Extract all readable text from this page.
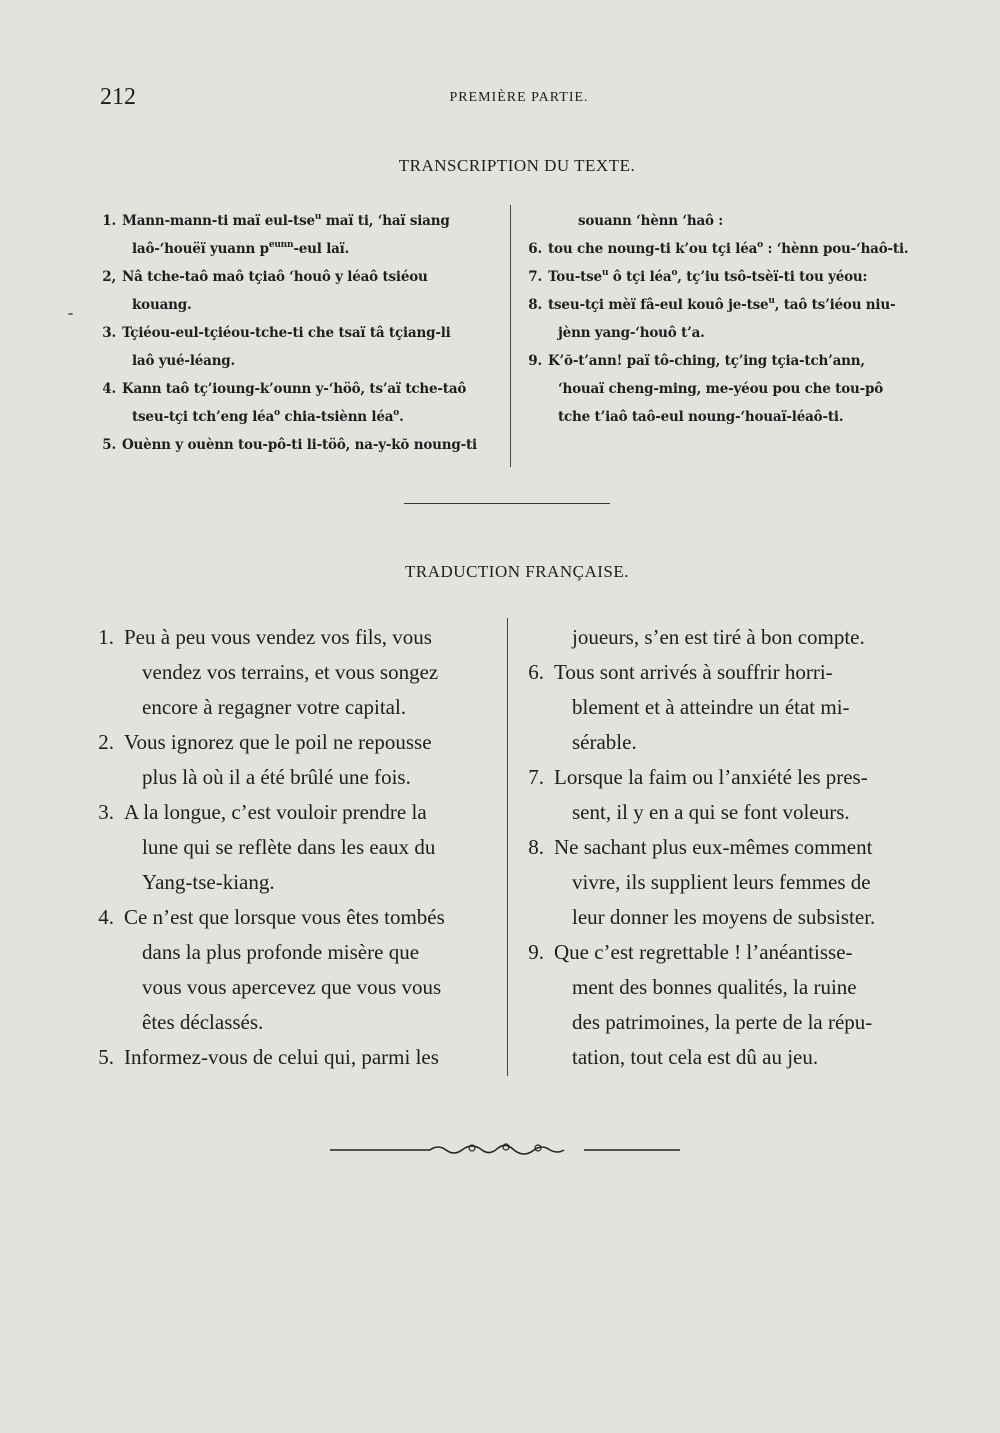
212	PREMIÈRE PARTIE.
TRANSCRIPTION DU TEXTE.
1. Mann-mann-ti maï eul-tse$^u$ maï ti, ‘haï siang
laô-‘houëï yuann $p^{eunn}$-eul laï.
2, Nâ tche-taô maô tçiaô ‘houô y léaô tsiéou
kouang.
3. Tçiéou-eul-tçiéou-tche-ti che tsaï tâ tçiang-li
laô yué-léang.
4. Kann taô tç’ioung-k’ounn y-‘höô, ts’aï tche-taô
tseu-tçi tch’eng léa$^o$ chia-tsiènn léa$^o$.
5. Ouènn y ouènn tou-pô-ti li-töô, na-y-kŏ noung-ti
souann ‘hènn ‘haô :
6. tou che noung-ti k’ou tçi léa$^o$ : ‘hènn pou-‘haô-ti.
7. Tou-tse$^u$ ô tçi léa$^o$, tç’iu tsô-tsèï-ti tou yéou:
8. tseu-tçi mèï fâ-eul kouô je-tse$^u$, taô ts’iéou niu-
jènn yang-‘houô t’a.
9. K’ŏ-t’ann! paï tô-ching, tç’ing tçia-tch’ann,
‘houaï cheng-ming, me-yéou pou che tou-pô
tche t’iaô taô-eul noung-‘houaï-léaô-ti.
TRADUCTION FRANÇAISE.
1. Peu à peu vous vendez vos fils, vous
vendez vos terrains, et vous songez
encore à regagner votre capital.
2. Vous ignorez que le poil ne repousse
plus là où il a été brûlé une fois.
3. A la longue, c’est vouloir prendre la
lune qui se reflète dans les eaux du
Yang-tse-kiang.
4. Ce n’est que lorsque vous êtes tombés
dans la plus profonde misère que
vous vous apercevez que vous vous
êtes déclassés.
5. Informez-vous de celui qui, parmi les
joueurs, s’en est tiré à bon compte.
6. Tous sont arrivés à souffrir horri-
blement et à atteindre un état mi-
sérable.
7. Lorsque la faim ou l’anxiété les pres-
sent, il y en a qui se font voleurs.
8. Ne sachant plus eux-mêmes comment
vivre, ils supplient leurs femmes de
leur donner les moyens de subsister.
9. Que c’est regrettable ! l’anéantisse-
ment des bonnes qualités, la ruine
des patrimoines, la perte de la répu-
tation, tout cela est dû au jeu.
